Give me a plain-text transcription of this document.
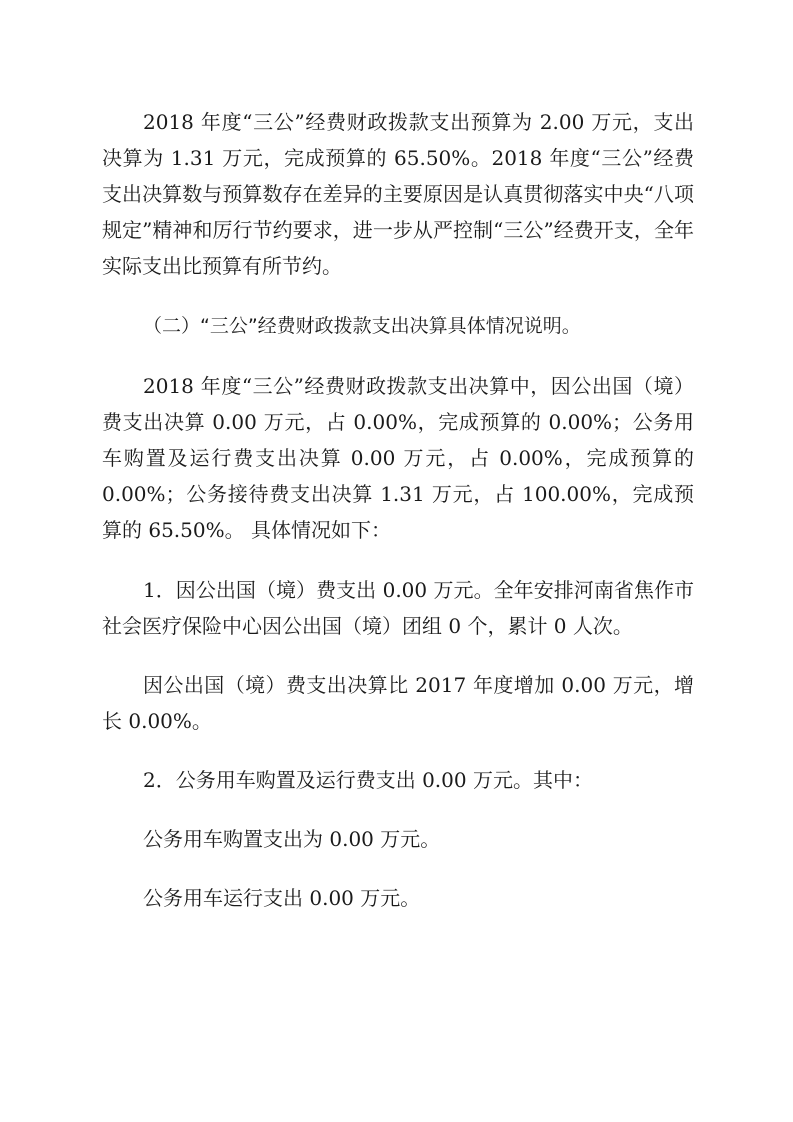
2018 年度“三公”经费财政拨款支出预算为 2.00 万元，支出决算为 1.31 万元，完成预算的 65.50%。2018 年度“三公”经费支出决算数与预算数存在差异的主要原因是认真贯彻落实中央“八项规定”精神和厉行节约要求，进一步从严控制“三公”经费开支，全年实际支出比预算有所节约。

（二）“三公”经费财政拨款支出决算具体情况说明。

2018 年度“三公”经费财政拨款支出决算中，因公出国（境）费支出决算 0.00 万元，占 0.00%，完成预算的 0.00%；公务用车购置及运行费支出决算 0.00 万元，占 0.00%，完成预算的 0.00%；公务接待费支出决算 1.31 万元，占 100.00%，完成预算的 65.50%。 具体情况如下：

1．因公出国（境）费支出 0.00 万元。全年安排河南省焦作市社会医疗保险中心因公出国（境）团组 0 个，累计 0 人次。

因公出国（境）费支出决算比 2017 年度增加 0.00 万元，增长 0.00%。

2．公务用车购置及运行费支出 0.00 万元。其中：

公务用车购置支出为 0.00 万元。

公务用车运行支出 0.00 万元。
